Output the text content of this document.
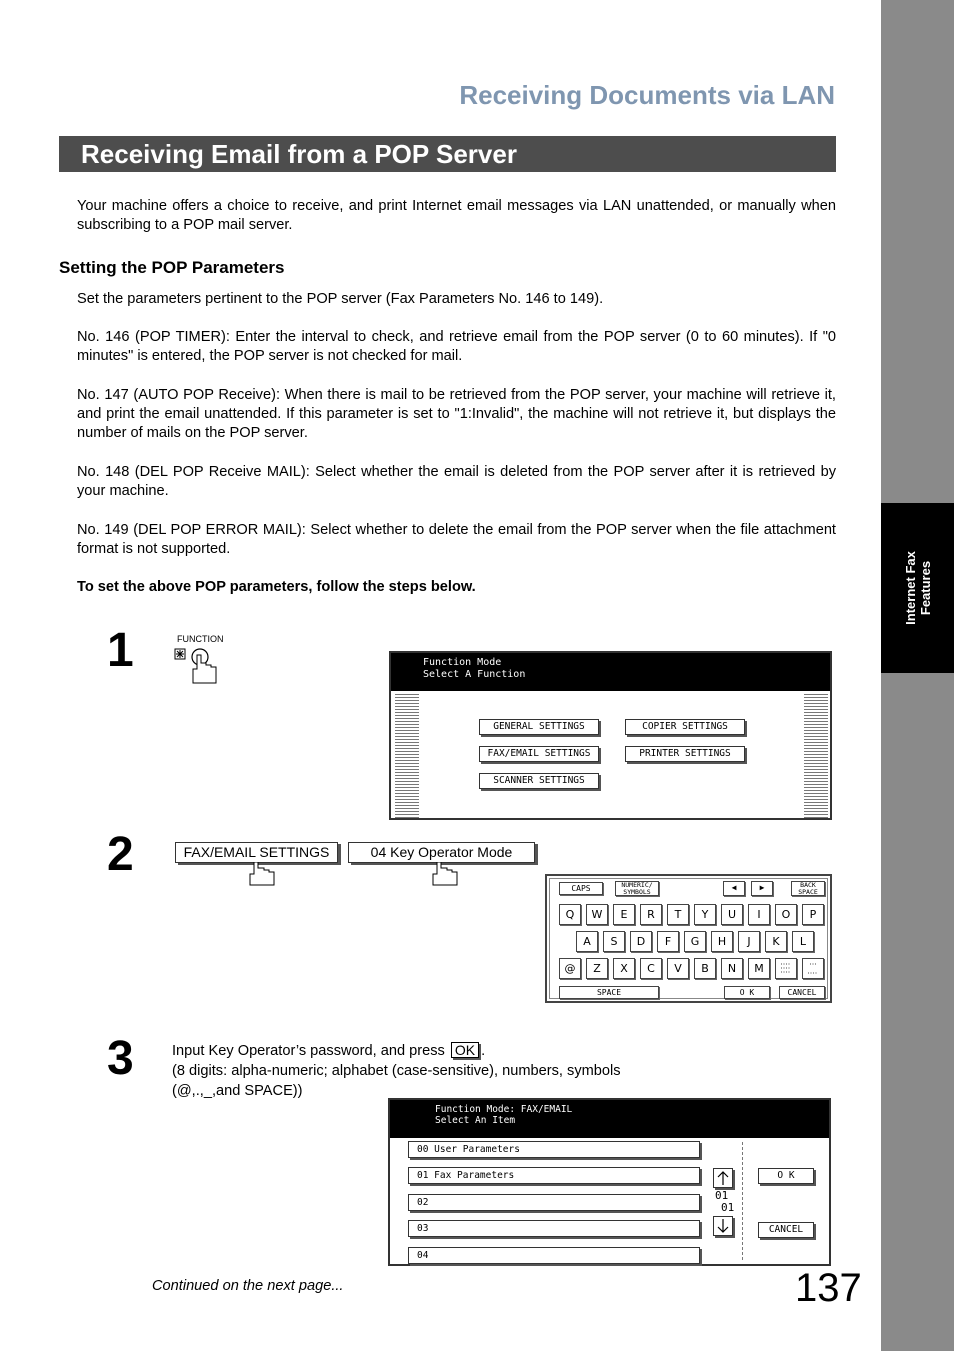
Internet Fax Features
Receiving Documents via LAN
Receiving Email from a POP Server

Your machine offers a choice to receive, and print Internet email messages via LAN unattended, or manually when subscribing to a POP mail server.

Setting the POP Parameters

Set the parameters pertinent to the POP server (Fax Parameters No. 146 to 149).

No. 146 (POP TIMER): Enter the interval to check, and retrieve email from the POP server (0 to 60 minutes). If "0 minutes" is entered, the POP server is not checked for mail.

No. 147 (AUTO POP Receive): When there is mail to be retrieved from the POP server, your machine will retrieve it, and print the email unattended. If this parameter is set to "1:Invalid", the machine will not retrieve it, but displays the number of mails on the POP server.

No. 148 (DEL POP Receive MAIL): Select whether the email is deleted from the POP server after it is retrieved by your machine.

No. 149 (DEL POP ERROR MAIL): Select whether to delete the email from the POP server when the file attachment format is not supported.

To set the above POP parameters, follow the steps below.

1	FUNCTION
Function Mode
Select A Function
GENERAL SETTINGS	COPIER SETTINGS
FAX/EMAIL SETTINGS	PRINTER SETTINGS
SCANNER SETTINGS
2	FAX/EMAIL SETTINGS	04 Key Operator Mode
CAPS	NUMERIC/
SYMBOLS	◀	▶	BACK
SPACE
Q	W	E	R	T	Y	U	I	O	P
A	S	D	F	G	H	J	K	L
@	Z	X	C	V	B	N	M
SPACE	O K	CANCEL
3	Input Key Operator’s password, and press OK .
(8 digits: alpha-numeric; alphabet (case-sensitive), numbers, symbols
(@,.,_,and SPACE))
Function Mode: FAX/EMAIL
Select An Item
00 User Parameters
01 Fax Parameters
02
03
04
01
01
O K
CANCEL
Continued on the next page...	137
